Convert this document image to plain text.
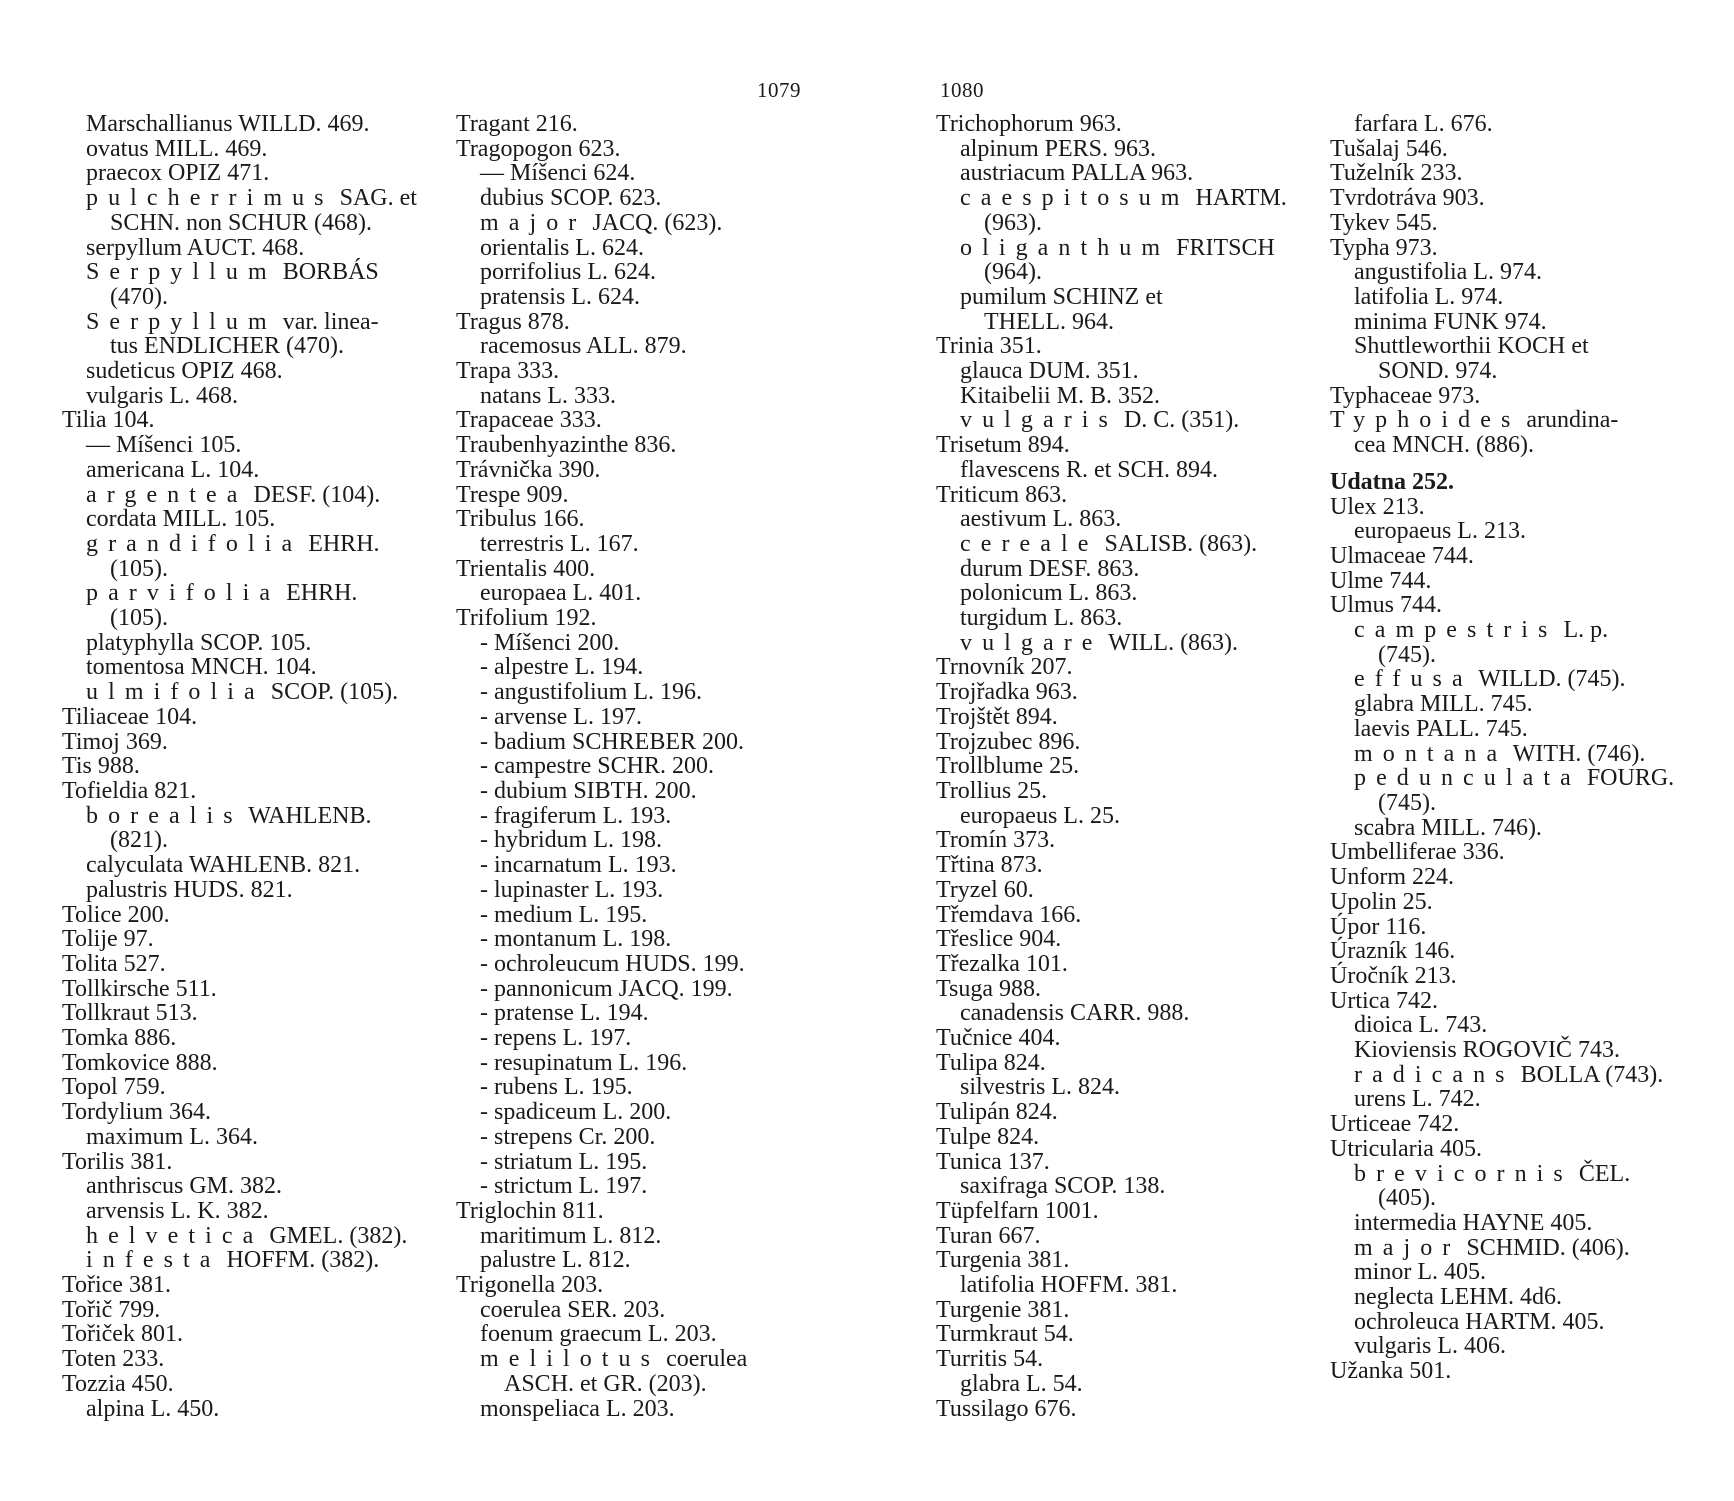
1079	1080
Marschallianus WILLD. 469.
ovatus MILL. 469.
praecox OPIZ 471.
pulcherrimus SAG. et
SCHN. non SCHUR (468).
serpyllum AUCT. 468.
Serpyllum BORBÁS
(470).
Serpyllum var. linea-
tus ENDLICHER (470).
sudeticus OPIZ 468.
vulgaris L. 468.
Tilia 104.
— Míšenci 105.
americana L. 104.
argentea DESF. (104).
cordata MILL. 105.
grandifolia EHRH.
(105).
parvifolia EHRH.
(105).
platyphylla SCOP. 105.
tomentosa MNCH. 104.
ulmifolia SCOP. (105).
Tiliaceae 104.
Timoj 369.
Tis 988.
Tofieldia 821.
borealis WAHLENB.
(821).
calyculata WAHLENB. 821.
palustris HUDS. 821.
Tolice 200.
Tolije 97.
Tolita 527.
Tollkirsche 511.
Tollkraut 513.
Tomka 886.
Tomkovice 888.
Topol 759.
Tordylium 364.
maximum L. 364.
Torilis 381.
anthriscus GM. 382.
arvensis L. K. 382.
helvetica GMEL. (382).
infesta HOFFM. (382).
Tořice 381.
Tořič 799.
Tořiček 801.
Toten 233.
Tozzia 450.
alpina L. 450.
Tragant 216.
Tragopogon 623.
— Míšenci 624.
dubius SCOP. 623.
major JACQ. (623).
orientalis L. 624.
porrifolius L. 624.
pratensis L. 624.
Tragus 878.
racemosus ALL. 879.
Trapa 333.
natans L. 333.
Trapaceae 333.
Traubenhyazinthe 836.
Trávnička 390.
Trespe 909.
Tribulus 166.
terrestris L. 167.
Trientalis 400.
europaea L. 401.
Trifolium 192.
- Míšenci 200.
- alpestre L. 194.
- angustifolium L. 196.
- arvense L. 197.
- badium SCHREBER 200.
- campestre SCHR. 200.
- dubium SIBTH. 200.
- fragiferum L. 193.
- hybridum L. 198.
- incarnatum L. 193.
- lupinaster L. 193.
- medium L. 195.
- montanum L. 198.
- ochroleucum HUDS. 199.
- pannonicum JACQ. 199.
- pratense L. 194.
- repens L. 197.
- resupinatum L. 196.
- rubens L. 195.
- spadiceum L. 200.
- strepens Cr. 200.
- striatum L. 195.
- strictum L. 197.
Triglochin 811.
maritimum L. 812.
palustre L. 812.
Trigonella 203.
coerulea SER. 203.
foenum graecum L. 203.
melilotus coerulea
ASCH. et GR. (203).
monspeliaca L. 203.
Trichophorum 963.
alpinum PERS. 963.
austriacum PALLA 963.
caespitosum HARTM.
(963).
oliganthum FRITSCH
(964).
pumilum SCHINZ et
THELL. 964.
Trinia 351.
glauca DUM. 351.
Kitaibelii M. B. 352.
vulgaris D. C. (351).
Trisetum 894.
flavescens R. et SCH. 894.
Triticum 863.
aestivum L. 863.
cereale SALISB. (863).
durum DESF. 863.
polonicum L. 863.
turgidum L. 863.
vulgare WILL. (863).
Trnovník 207.
Trojřadka 963.
Trojštět 894.
Trojzubec 896.
Trollblume 25.
Trollius 25.
europaeus L. 25.
Tromín 373.
Třtina 873.
Tryzel 60.
Třemdava 166.
Třeslice 904.
Třezalka 101.
Tsuga 988.
canadensis CARR. 988.
Tučnice 404.
Tulipa 824.
silvestris L. 824.
Tulipán 824.
Tulpe 824.
Tunica 137.
saxifraga SCOP. 138.
Tüpfelfarn 1001.
Turan 667.
Turgenia 381.
latifolia HOFFM. 381.
Turgenie 381.
Turmkraut 54.
Turritis 54.
glabra L. 54.
Tussilago 676.
farfara L. 676.
Tušalaj 546.
Tuželník 233.
Tvrdotráva 903.
Tykev 545.
Typha 973.
angustifolia L. 974.
latifolia L. 974.
minima FUNK 974.
Shuttleworthii KOCH et
SOND. 974.
Typhaceae 973.
Typhoides arundina-
cea MNCH. (886).
Udatna 252.
Ulex 213.
europaeus L. 213.
Ulmaceae 744.
Ulme 744.
Ulmus 744.
campestris L. p.
(745).
effusa WILLD. (745).
glabra MILL. 745.
laevis PALL. 745.
montana WITH. (746).
pedunculata FOURG.
(745).
scabra MILL. 746).
Umbelliferae 336.
Unform 224.
Upolin 25.
Úpor 116.
Úrazník 146.
Úročník 213.
Urtica 742.
dioica L. 743.
Kioviensis ROGOVIČ 743.
radicans BOLLA (743).
urens L. 742.
Urticeae 742.
Utricularia 405.
brevicornis ČEL.
(405).
intermedia HAYNE 405.
major SCHMID. (406).
minor L. 405.
neglecta LEHM. 4d6.
ochroleuca HARTM. 405.
vulgaris L. 406.
Užanka 501.
